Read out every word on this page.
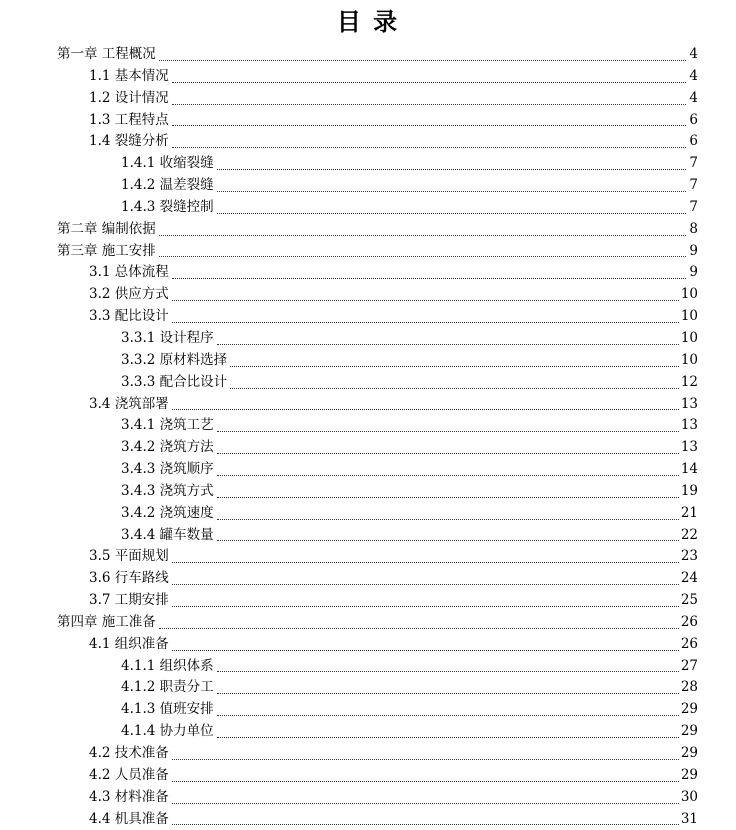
目 录
第一章 工程概况	4
1.1 基本情况	4
1.2 设计情况	4
1.3 工程特点	6
1.4 裂缝分析	6
1.4.1 收缩裂缝	7
1.4.2 温差裂缝	7
1.4.3 裂缝控制	7
第二章 编制依据	8
第三章 施工安排	9
3.1 总体流程	9
3.2 供应方式	10
3.3 配比设计	10
3.3.1 设计程序	10
3.3.2 原材料选择	10
3.3.3 配合比设计	12
3.4 浇筑部署	13
3.4.1 浇筑工艺	13
3.4.2 浇筑方法	13
3.4.3 浇筑顺序	14
3.4.3 浇筑方式	19
3.4.2 浇筑速度	21
3.4.4 罐车数量	22
3.5 平面规划	23
3.6 行车路线	24
3.7 工期安排	25
第四章 施工准备	26
4.1 组织准备	26
4.1.1 组织体系	27
4.1.2 职责分工	28
4.1.3 值班安排	29
4.1.4 协力单位	29
4.2 技术准备	29
4.2 人员准备	29
4.3 材料准备	30
4.4 机具准备	31
